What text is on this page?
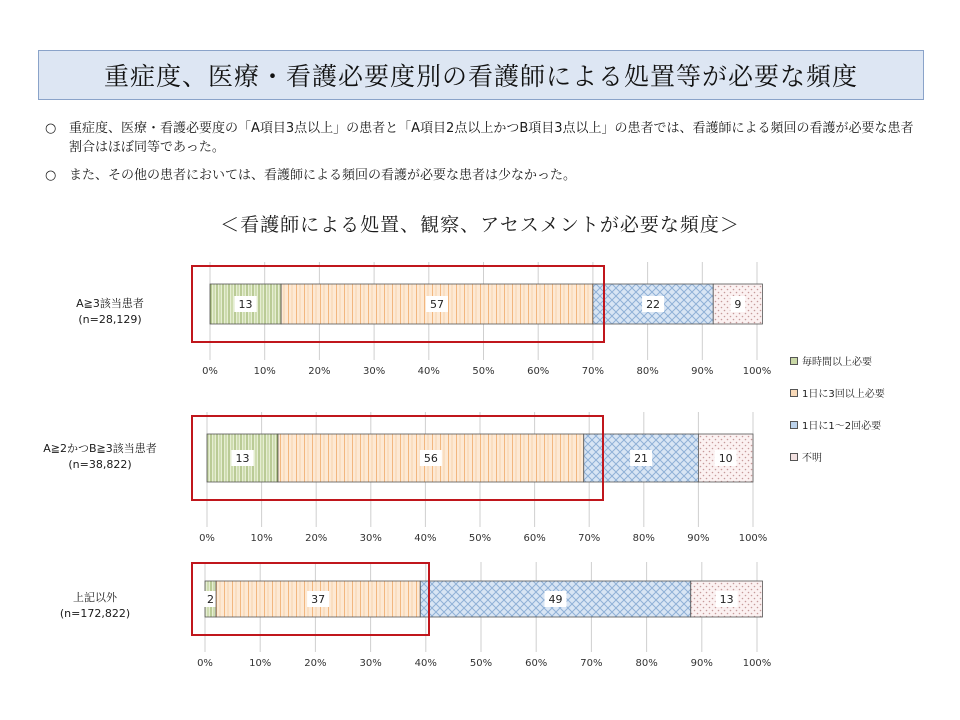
重症度、医療・看護必要度別の看護師による処置等が必要な頻度
○ 重症度、医療・看護必要度の「A項目3点以上」の患者と「A項目2点以上かつB項目3点以上」の患者では、看護師による頻回の看護が必要な患者割合はほぼ同等であった。
○ また、その他の患者においては、看護師による頻回の看護が必要な患者は少なかった。
＜看護師による処置、観察、アセスメントが必要な頻度＞
0%	10%	20%	30%	40%	50%	60%	70%	80%	90%	100%
13	57	22	9
0%	10%	20%	30%	40%	50%	60%	70%	80%	90%	100%
13	56	21	10
0%	10%	20%	30%	40%	50%	60%	70%	80%	90%	100%
2	37	49	13
毎時間以上必要
1日に3回以上必要
1日に1～2回必要
不明
A≧3該当患者
(n=28,129)
A≧2かつB≧3該当患者
(n=38,822)
上記以外
(n=172,822)
